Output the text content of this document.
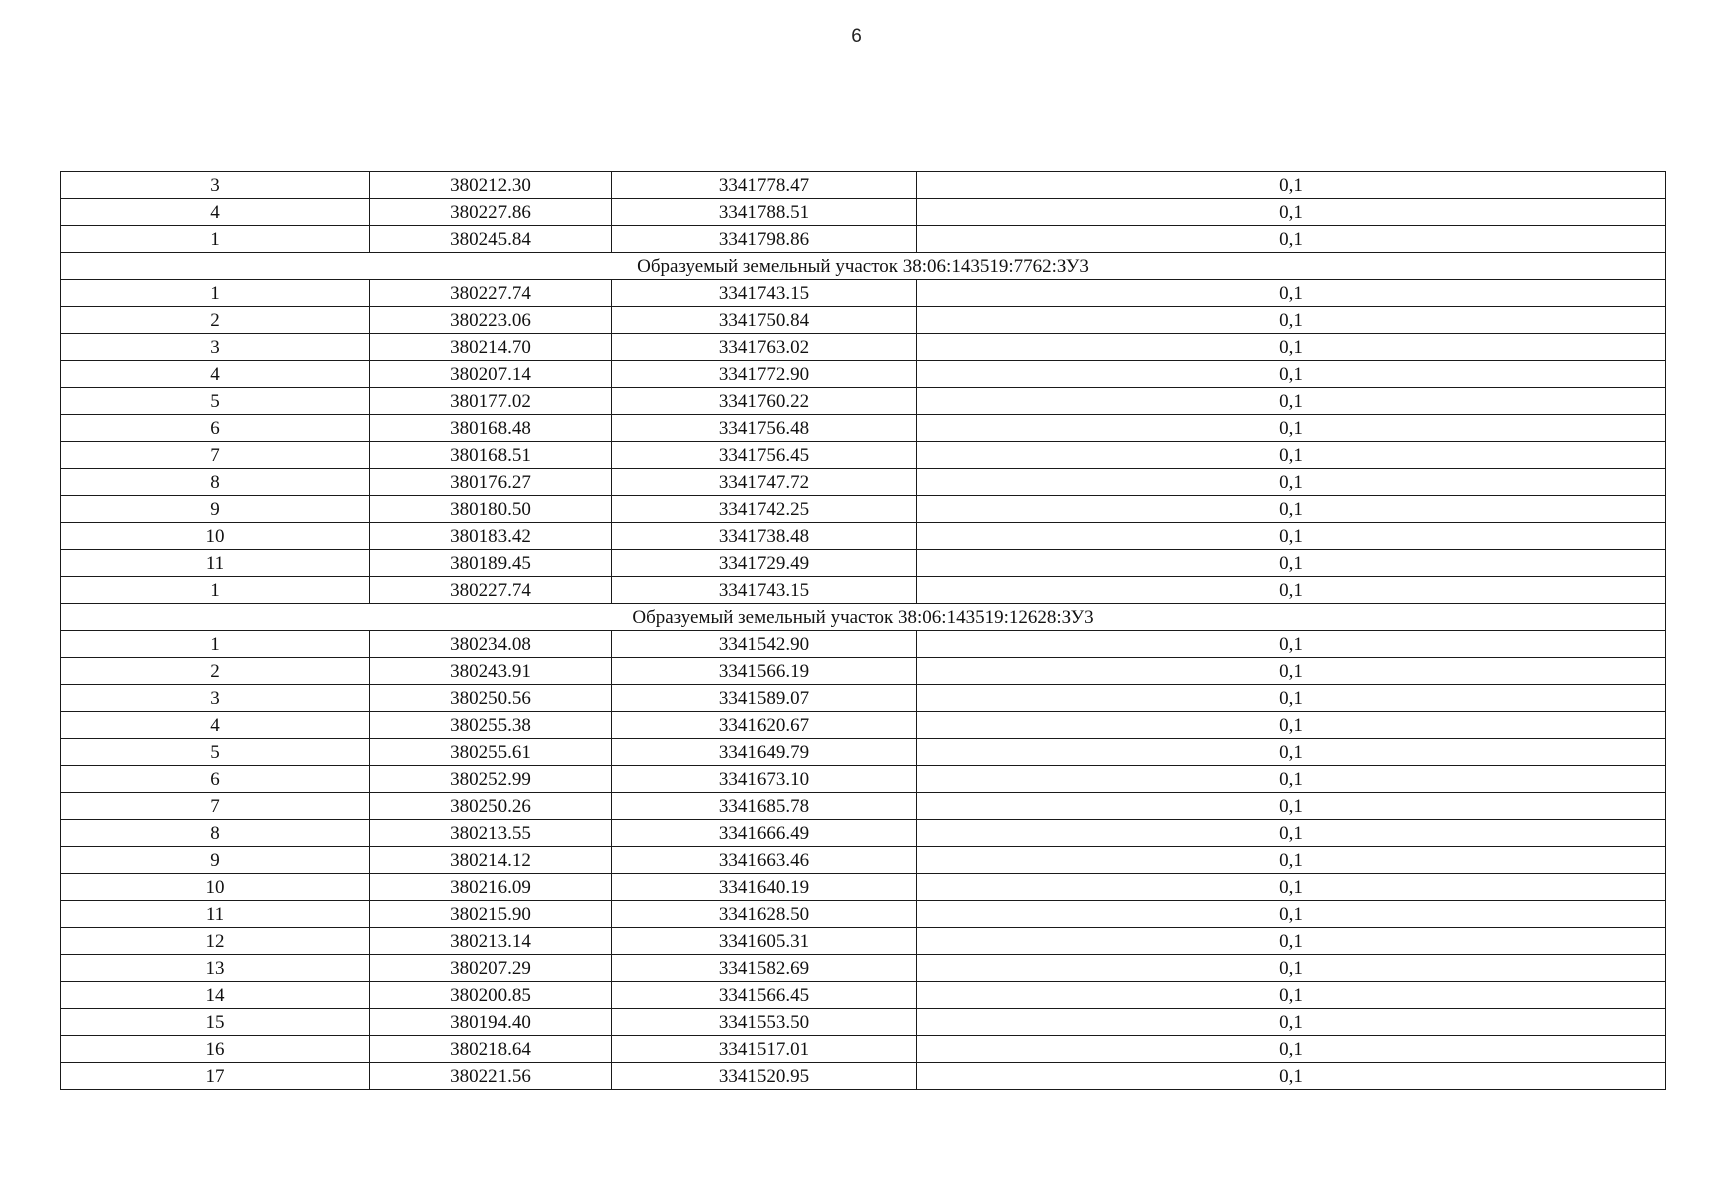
6
3	380212.30	3341778.47	0,1
4	380227.86	3341788.51	0,1
1	380245.84	3341798.86	0,1
Образуемый земельный участок 38:06:143519:7762:ЗУ3			
1	380227.74	3341743.15	0,1
2	380223.06	3341750.84	0,1
3	380214.70	3341763.02	0,1
4	380207.14	3341772.90	0,1
5	380177.02	3341760.22	0,1
6	380168.48	3341756.48	0,1
7	380168.51	3341756.45	0,1
8	380176.27	3341747.72	0,1
9	380180.50	3341742.25	0,1
10	380183.42	3341738.48	0,1
11	380189.45	3341729.49	0,1
1	380227.74	3341743.15	0,1
Образуемый земельный участок 38:06:143519:12628:ЗУ3			
1	380234.08	3341542.90	0,1
2	380243.91	3341566.19	0,1
3	380250.56	3341589.07	0,1
4	380255.38	3341620.67	0,1
5	380255.61	3341649.79	0,1
6	380252.99	3341673.10	0,1
7	380250.26	3341685.78	0,1
8	380213.55	3341666.49	0,1
9	380214.12	3341663.46	0,1
10	380216.09	3341640.19	0,1
11	380215.90	3341628.50	0,1
12	380213.14	3341605.31	0,1
13	380207.29	3341582.69	0,1
14	380200.85	3341566.45	0,1
15	380194.40	3341553.50	0,1
16	380218.64	3341517.01	0,1
17	380221.56	3341520.95	0,1
